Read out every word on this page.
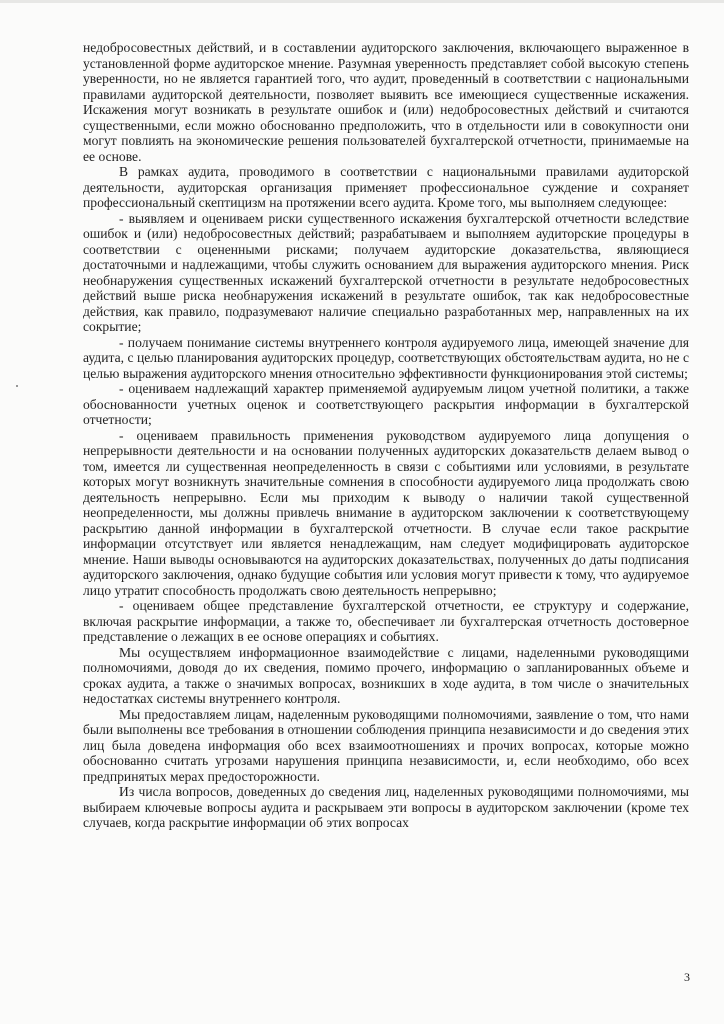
недобросовестных действий, и в составлении аудиторского заключения, включающего выраженное в установленной форме аудиторское мнение. Разумная уверенность представляет собой высокую степень уверенности, но не является гарантией того, что аудит, проведенный в соответствии с национальными правилами аудиторской деятельности, позволяет выявить все имеющиеся существенные искажения. Искажения могут возникать в результате ошибок и (или) недобросовестных действий и считаются существенными, если можно обоснованно предположить, что в отдельности или в совокупности они могут повлиять на экономические решения пользователей бухгалтерской отчетности, принимаемые на ее основе.

В рамках аудита, проводимого в соответствии с национальными правилами аудиторской деятельности, аудиторская организация применяет профессиональное суждение и сохраняет профессиональный скептицизм на протяжении всего аудита. Кроме того, мы выполняем следующее:

- выявляем и оцениваем риски существенного искажения бухгалтерской отчетности вследствие ошибок и (или) недобросовестных действий; разрабатываем и выполняем аудиторские процедуры в соответствии с оцененными рисками; получаем аудиторские доказательства, являющиеся достаточными и надлежащими, чтобы служить основанием для выражения аудиторского мнения. Риск необнаружения существенных искажений бухгалтерской отчетности в результате недобросовестных действий выше риска необнаружения искажений в результате ошибок, так как недобросовестные действия, как правило, подразумевают наличие специально разработанных мер, направленных на их сокрытие;

- получаем понимание системы внутреннего контроля аудируемого лица, имеющей значение для аудита, с целью планирования аудиторских процедур, соответствующих обстоятельствам аудита, но не с целью выражения аудиторского мнения относительно эффективности функционирования этой системы;

- оцениваем надлежащий характер применяемой аудируемым лицом учетной политики, а также обоснованности учетных оценок и соответствующего раскрытия информации в бухгалтерской отчетности;

- оцениваем правильность применения руководством аудируемого лица допущения о непрерывности деятельности и на основании полученных аудиторских доказательств делаем вывод о том, имеется ли существенная неопределенность в связи с событиями или условиями, в результате которых могут возникнуть значительные сомнения в способности аудируемого лица продолжать свою деятельность непрерывно. Если мы приходим к выводу о наличии такой существенной неопределенности, мы должны привлечь внимание в аудиторском заключении к соответствующему раскрытию данной информации в бухгалтерской отчетности. В случае если такое раскрытие информации отсутствует или является ненадлежащим, нам следует модифицировать аудиторское мнение. Наши выводы основываются на аудиторских доказательствах, полученных до даты подписания аудиторского заключения, однако будущие события или условия могут привести к тому, что аудируемое лицо утратит способность продолжать свою деятельность непрерывно;

- оцениваем общее представление бухгалтерской отчетности, ее структуру и содержание, включая раскрытие информации, а также то, обеспечивает ли бухгалтерская отчетность достоверное представление о лежащих в ее основе операциях и событиях.

Мы осуществляем информационное взаимодействие с лицами, наделенными руководящими полномочиями, доводя до их сведения, помимо прочего, информацию о запланированных объеме и сроках аудита, а также о значимых вопросах, возникших в ходе аудита, в том числе о значительных недостатках системы внутреннего контроля.

Мы предоставляем лицам, наделенным руководящими полномочиями, заявление о том, что нами были выполнены все требования в отношении соблюдения принципа независимости и до сведения этих лиц была доведена информация обо всех взаимоотношениях и прочих вопросах, которые можно обоснованно считать угрозами нарушения принципа независимости, и, если необходимо, обо всех предпринятых мерах предосторожности.

Из числа вопросов, доведенных до сведения лиц, наделенных руководящими полномочиями, мы выбираем ключевые вопросы аудита и раскрываем эти вопросы в аудиторском заключении (кроме тех случаев, когда раскрытие информации об этих вопросах

3
